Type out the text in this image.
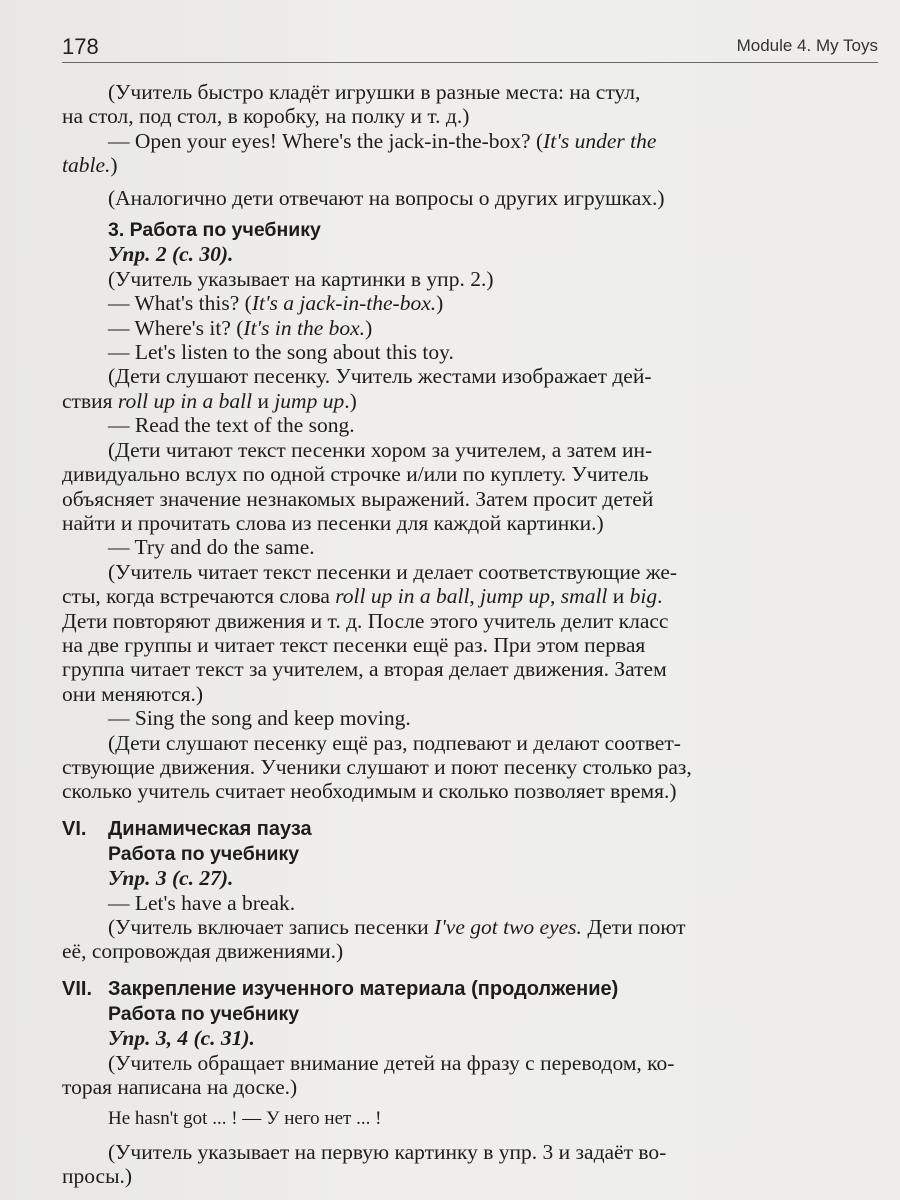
178	Module 4. My Toys

(Учитель быстро кладёт игрушки в разные места: на стул,

на стол, под стол, в коробку, на полку и т. д.)

— Open your eyes! Where's the jack-in-the-box? (It's under the

table.)

(Аналогично дети отвечают на вопросы о других игрушках.)

3. Работа по учебнику

Упр. 2 (с. 30).

(Учитель указывает на картинки в упр. 2.)

— What's this? (It's a jack-in-the-box.)

— Where's it? (It's in the box.)

— Let's listen to the song about this toy.

(Дети слушают песенку. Учитель жестами изображает дей-

ствия roll up in a ball и jump up.)

— Read the text of the song.

(Дети читают текст песенки хором за учителем, а затем ин-

дивидуально вслух по одной строчке и/или по куплету. Учитель

объясняет значение незнакомых выражений. Затем просит детей

найти и прочитать слова из песенки для каждой картинки.)

— Try and do the same.

(Учитель читает текст песенки и делает соответствующие же-

сты, когда встречаются слова roll up in a ball, jump up, small и big.

Дети повторяют движения и т. д. После этого учитель делит класс

на две группы и читает текст песенки ещё раз. При этом первая

группа читает текст за учителем, а вторая делает движения. Затем

они меняются.)

— Sing the song and keep moving.

(Дети слушают песенку ещё раз, подпевают и делают соответ-

ствующие движения. Ученики слушают и поют песенку столько раз,

сколько учитель считает необходимым и сколько позволяет время.)

VI. Динамическая пауза

Работа по учебнику

Упр. 3 (с. 27).

— Let's have a break.

(Учитель включает запись песенки I've got two eyes. Дети поют

её, сопровождая движениями.)

VII. Закрепление изученного материала (продолжение)

Работа по учебнику

Упр. 3, 4 (с. 31).

(Учитель обращает внимание детей на фразу с переводом, ко-

торая написана на доске.)

He hasn't got ... ! — У него нет ... !

(Учитель указывает на первую картинку в упр. 3 и задаёт во-

просы.)
